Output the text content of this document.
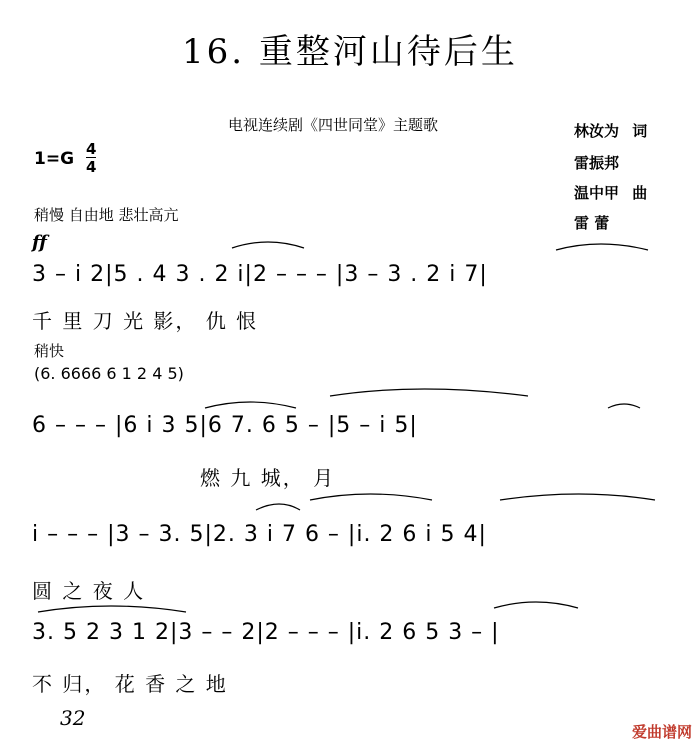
16. 重整河山待后生
电视连续剧《四世同堂》主题歌	林汝为 词
雷振邦
温中甲 曲
雷 蕾
1=G 4
4
稍慢 自由地 悲壮高亢
ff
3 – i 2|5 . 4 3 . 2 i|2 – – – |3 – 3 . 2 i 7|
千 里 刀 光 影， 仇 恨
稍快
(6. 6666 6 1 2 4 5)
6 – – – |6 i 3 5|6 7. 6 5 – |5 – i 5|
燃 九 城， 月
i – – – |3 – 3. 5|2. 3 i 7 6 – |i. 2 6 i 5 4|
圆 之 夜 人
3. 5 2 3 1 2|3 – – 2|2 – – – |i. 2 6 5 3 – |
不 归， 花 香 之 地
32
爱曲谱网
